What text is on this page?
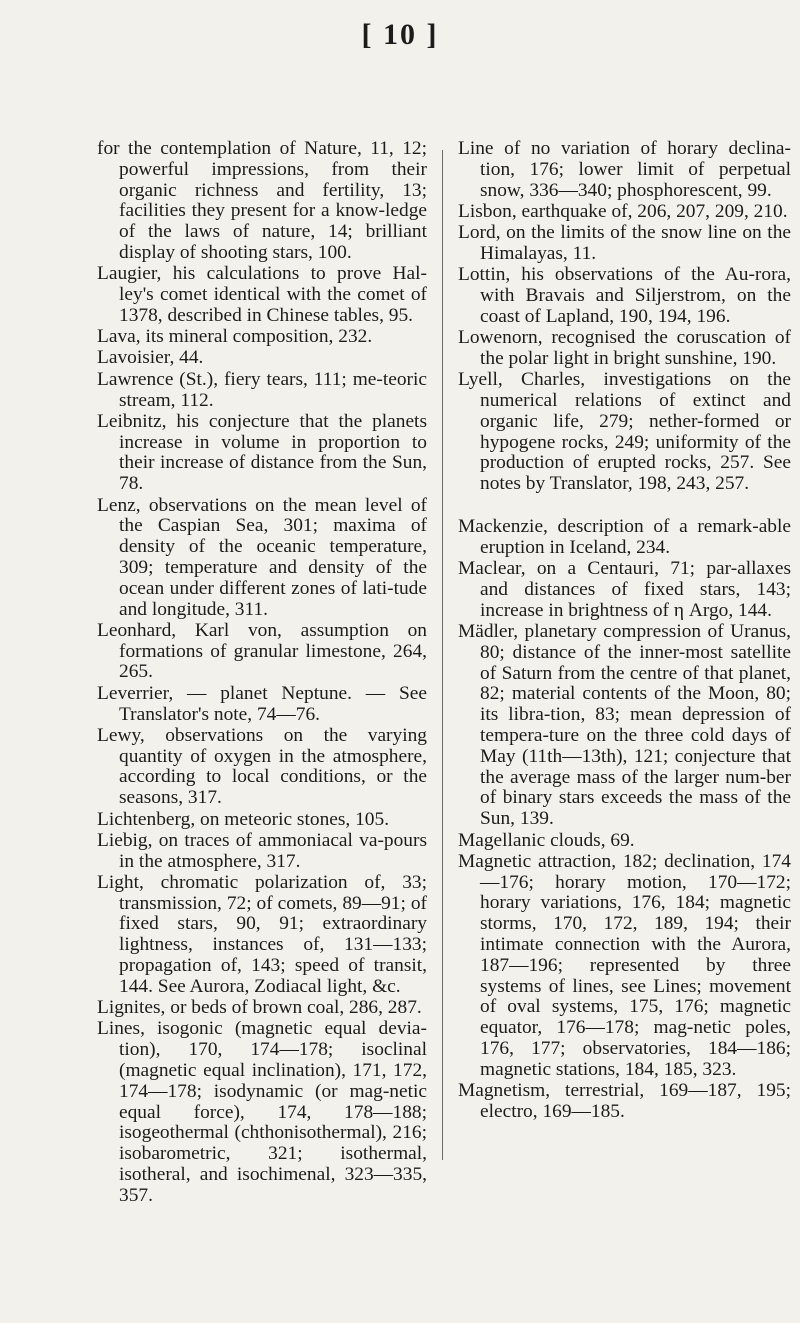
[ 10 ]

for the contemplation of Nature, 11, 12; powerful impressions, from their organic richness and fertility, 13; facilities they present for a know-ledge of the laws of nature, 14; brilliant display of shooting stars, 100.

Laugier, his calculations to prove Hal-ley's comet identical with the comet of 1378, described in Chinese tables, 95.

Lava, its mineral composition, 232.

Lavoisier, 44.

Lawrence (St.), fiery tears, 111; me-teoric stream, 112.

Leibnitz, his conjecture that the planets increase in volume in proportion to their increase of distance from the Sun, 78.

Lenz, observations on the mean level of the Caspian Sea, 301; maxima of density of the oceanic temperature, 309; temperature and density of the ocean under different zones of lati-tude and longitude, 311.

Leonhard, Karl von, assumption on formations of granular limestone, 264, 265.

Leverrier, — planet Neptune. — See Translator's note, 74—76.

Lewy, observations on the varying quantity of oxygen in the atmosphere, according to local conditions, or the seasons, 317.

Lichtenberg, on meteoric stones, 105.

Liebig, on traces of ammoniacal va-pours in the atmosphere, 317.

Light, chromatic polarization of, 33; transmission, 72; of comets, 89—91; of fixed stars, 90, 91; extraordinary lightness, instances of, 131—133; propagation of, 143; speed of transit, 144. See Aurora, Zodiacal light, &c.

Lignites, or beds of brown coal, 286, 287.

Lines, isogonic (magnetic equal devia-tion), 170, 174—178; isoclinal (magnetic equal inclination), 171, 172, 174—178; isodynamic (or mag-netic equal force), 174, 178—188; isogeothermal (chthonisothermal), 216; isobarometric, 321; isothermal, isotheral, and isochimenal, 323—335, 357.

Line of no variation of horary declina-tion, 176; lower limit of perpetual snow, 336—340; phosphorescent, 99.

Lisbon, earthquake of, 206, 207, 209, 210.

Lord, on the limits of the snow line on the Himalayas, 11.

Lottin, his observations of the Au-rora, with Bravais and Siljerstrom, on the coast of Lapland, 190, 194, 196.

Lowenorn, recognised the coruscation of the polar light in bright sunshine, 190.

Lyell, Charles, investigations on the numerical relations of extinct and organic life, 279; nether-formed or hypogene rocks, 249; uniformity of the production of erupted rocks, 257. See notes by Translator, 198, 243, 257.

Mackenzie, description of a remark-able eruption in Iceland, 234.

Maclear, on a Centauri, 71; par-allaxes and distances of fixed stars, 143; increase in brightness of η Argo, 144.

Mädler, planetary compression of Uranus, 80; distance of the inner-most satellite of Saturn from the centre of that planet, 82; material contents of the Moon, 80; its libra-tion, 83; mean depression of tempera-ture on the three cold days of May (11th—13th), 121; conjecture that the average mass of the larger num-ber of binary stars exceeds the mass of the Sun, 139.

Magellanic clouds, 69.

Magnetic attraction, 182; declination, 174—176; horary motion, 170—172; horary variations, 176, 184; magnetic storms, 170, 172, 189, 194; their intimate connection with the Aurora, 187—196; represented by three systems of lines, see Lines; movement of oval systems, 175, 176; magnetic equator, 176—178; mag-netic poles, 176, 177; observatories, 184—186; magnetic stations, 184, 185, 323.

Magnetism, terrestrial, 169—187, 195; electro, 169—185.
